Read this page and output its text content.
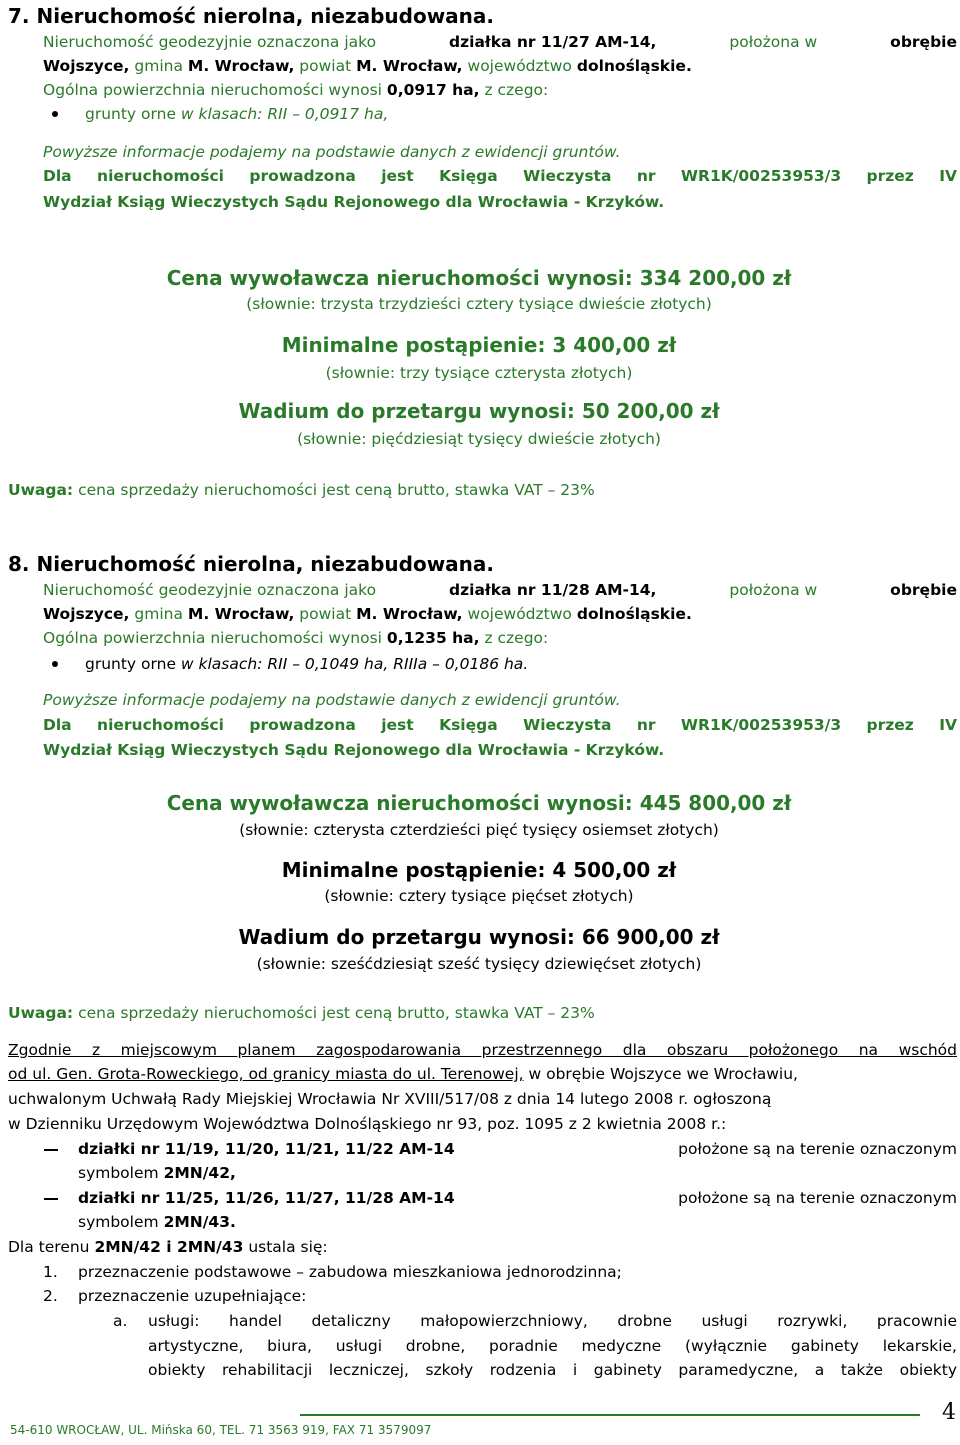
7. Nieruchomość nierolna, niezabudowana.
Nieruchomość geodezyjnie oznaczona jako	działka nr 11/27 AM-14,	położona w	obrębie
Wojszyce, gmina M. Wrocław, powiat M. Wrocław, województwo dolnośląskie.
Ogólna powierzchnia nieruchomości wynosi 0,0917 ha, z czego:
grunty orne w klasach: RII – 0,0917 ha,
Powyższe informacje podajemy na podstawie danych z ewidencji gruntów.
Dla nieruchomości prowadzona jest Księga Wieczysta nr WR1K/00253953/3 przez IV
Wydział Ksiąg Wieczystych Sądu Rejonowego dla Wrocławia - Krzyków.
Cena wywoławcza nieruchomości wynosi: 334 200,00 zł
(słownie: trzysta trzydzieści cztery tysiące dwieście złotych)
Minimalne postąpienie: 3 400,00 zł
(słownie: trzy tysiące czterysta złotych)
Wadium do przetargu wynosi: 50 200,00 zł
(słownie: pięćdziesiąt tysięcy dwieście złotych)
Uwaga: cena sprzedaży nieruchomości jest ceną brutto, stawka VAT – 23%
8. Nieruchomość nierolna, niezabudowana.
Nieruchomość geodezyjnie oznaczona jako	działka nr 11/28 AM-14,	położona w	obrębie
Wojszyce, gmina M. Wrocław, powiat M. Wrocław, województwo dolnośląskie.
Ogólna powierzchnia nieruchomości wynosi 0,1235 ha, z czego:
grunty orne w klasach: RII – 0,1049 ha, RIIIa – 0,0186 ha.
Powyższe informacje podajemy na podstawie danych z ewidencji gruntów.
Dla nieruchomości prowadzona jest Księga Wieczysta nr WR1K/00253953/3 przez IV
Wydział Ksiąg Wieczystych Sądu Rejonowego dla Wrocławia - Krzyków.
Cena wywoławcza nieruchomości wynosi: 445 800,00 zł
(słownie: czterysta czterdzieści pięć tysięcy osiemset złotych)
Minimalne postąpienie: 4 500,00 zł
(słownie: cztery tysiące pięćset złotych)
Wadium do przetargu wynosi: 66 900,00 zł
(słownie: sześćdziesiąt sześć tysięcy dziewięćset złotych)
Uwaga: cena sprzedaży nieruchomości jest ceną brutto, stawka VAT – 23%
Zgodnie z miejscowym planem zagospodarowania przestrzennego dla obszaru położonego na wschód
od ul. Gen. Grota-Roweckiego, od granicy miasta do ul. Terenowej, w obrębie Wojszyce we Wrocławiu,
uchwalonym Uchwałą Rady Miejskiej Wrocławia Nr XVIII/517/08 z dnia 14 lutego 2008 r. ogłoszoną
w Dzienniku Urzędowym Województwa Dolnośląskiego nr 93, poz. 1095 z 2 kwietnia 2008 r.:
działki nr 11/19, 11/20, 11/21, 11/22 AM-14	położone są na terenie oznaczonym
symbolem 2MN/42,
działki nr 11/25, 11/26, 11/27, 11/28 AM-14	położone są na terenie oznaczonym
symbolem 2MN/43.
Dla terenu 2MN/42 i 2MN/43 ustala się:
1. przeznaczenie podstawowe – zabudowa mieszkaniowa jednorodzinna;
2. przeznaczenie uzupełniające:
a. usługi: handel detaliczny małopowierzchniowy, drobne usługi rozrywki, pracownie
artystyczne, biura, usługi drobne, poradnie medyczne (wyłącznie gabinety lekarskie,
obiekty rehabilitacji leczniczej, szkoły rodzenia i gabinety paramedyczne, a także obiekty
4
54-610 WROCŁAW, UL. Mińska 60, TEL. 71 3563 919, FAX 71 3579097
